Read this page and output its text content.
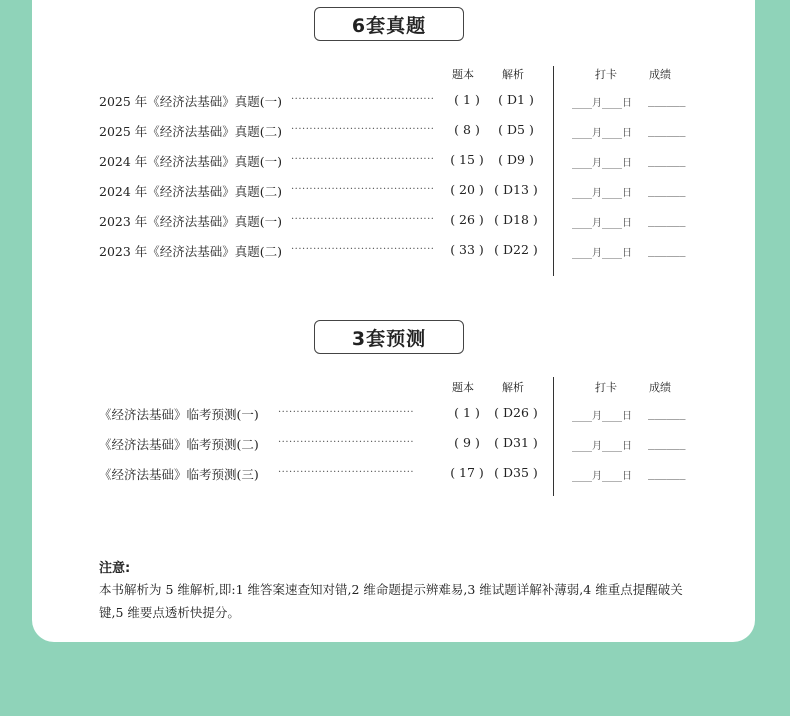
6套真题
题本	解析	打卡	成绩
2025 年《经济法基础》真题(一) ·······································	( 1 )	( D1 )	____月____日 ______
2025 年《经济法基础》真题(二) ·······································	( 8 )	( D5 )	____月____日 ______
2024 年《经济法基础》真题(一) ·······································	( 15 )	( D9 )	____月____日 ______
2024 年《经济法基础》真题(二) ·······································	( 20 ) ( D13 )	____月____日 ______
2023 年《经济法基础》真题(一) ·······································	( 26 ) ( D18 )	____月____日 ______
2023 年《经济法基础》真题(二) ·······································	( 33 ) ( D22 )	____月____日 ______
3套预测
题本	解析	打卡	成绩
《经济法基础》临考预测(一) ·····································	( 1 )	( D26 )	____月____日 ______
《经济法基础》临考预测(二) ·····································	( 9 )	( D31 )	____月____日 ______
《经济法基础》临考预测(三) ·····································	( 17 ) ( D35 )	____月____日 ______
注意:
本书解析为 5 维解析,即:1 维答案速查知对错,2 维命题提示辨难易,3 维试题详解补薄弱,4 维重点提醒破关键,5 维要点透析快提分。
